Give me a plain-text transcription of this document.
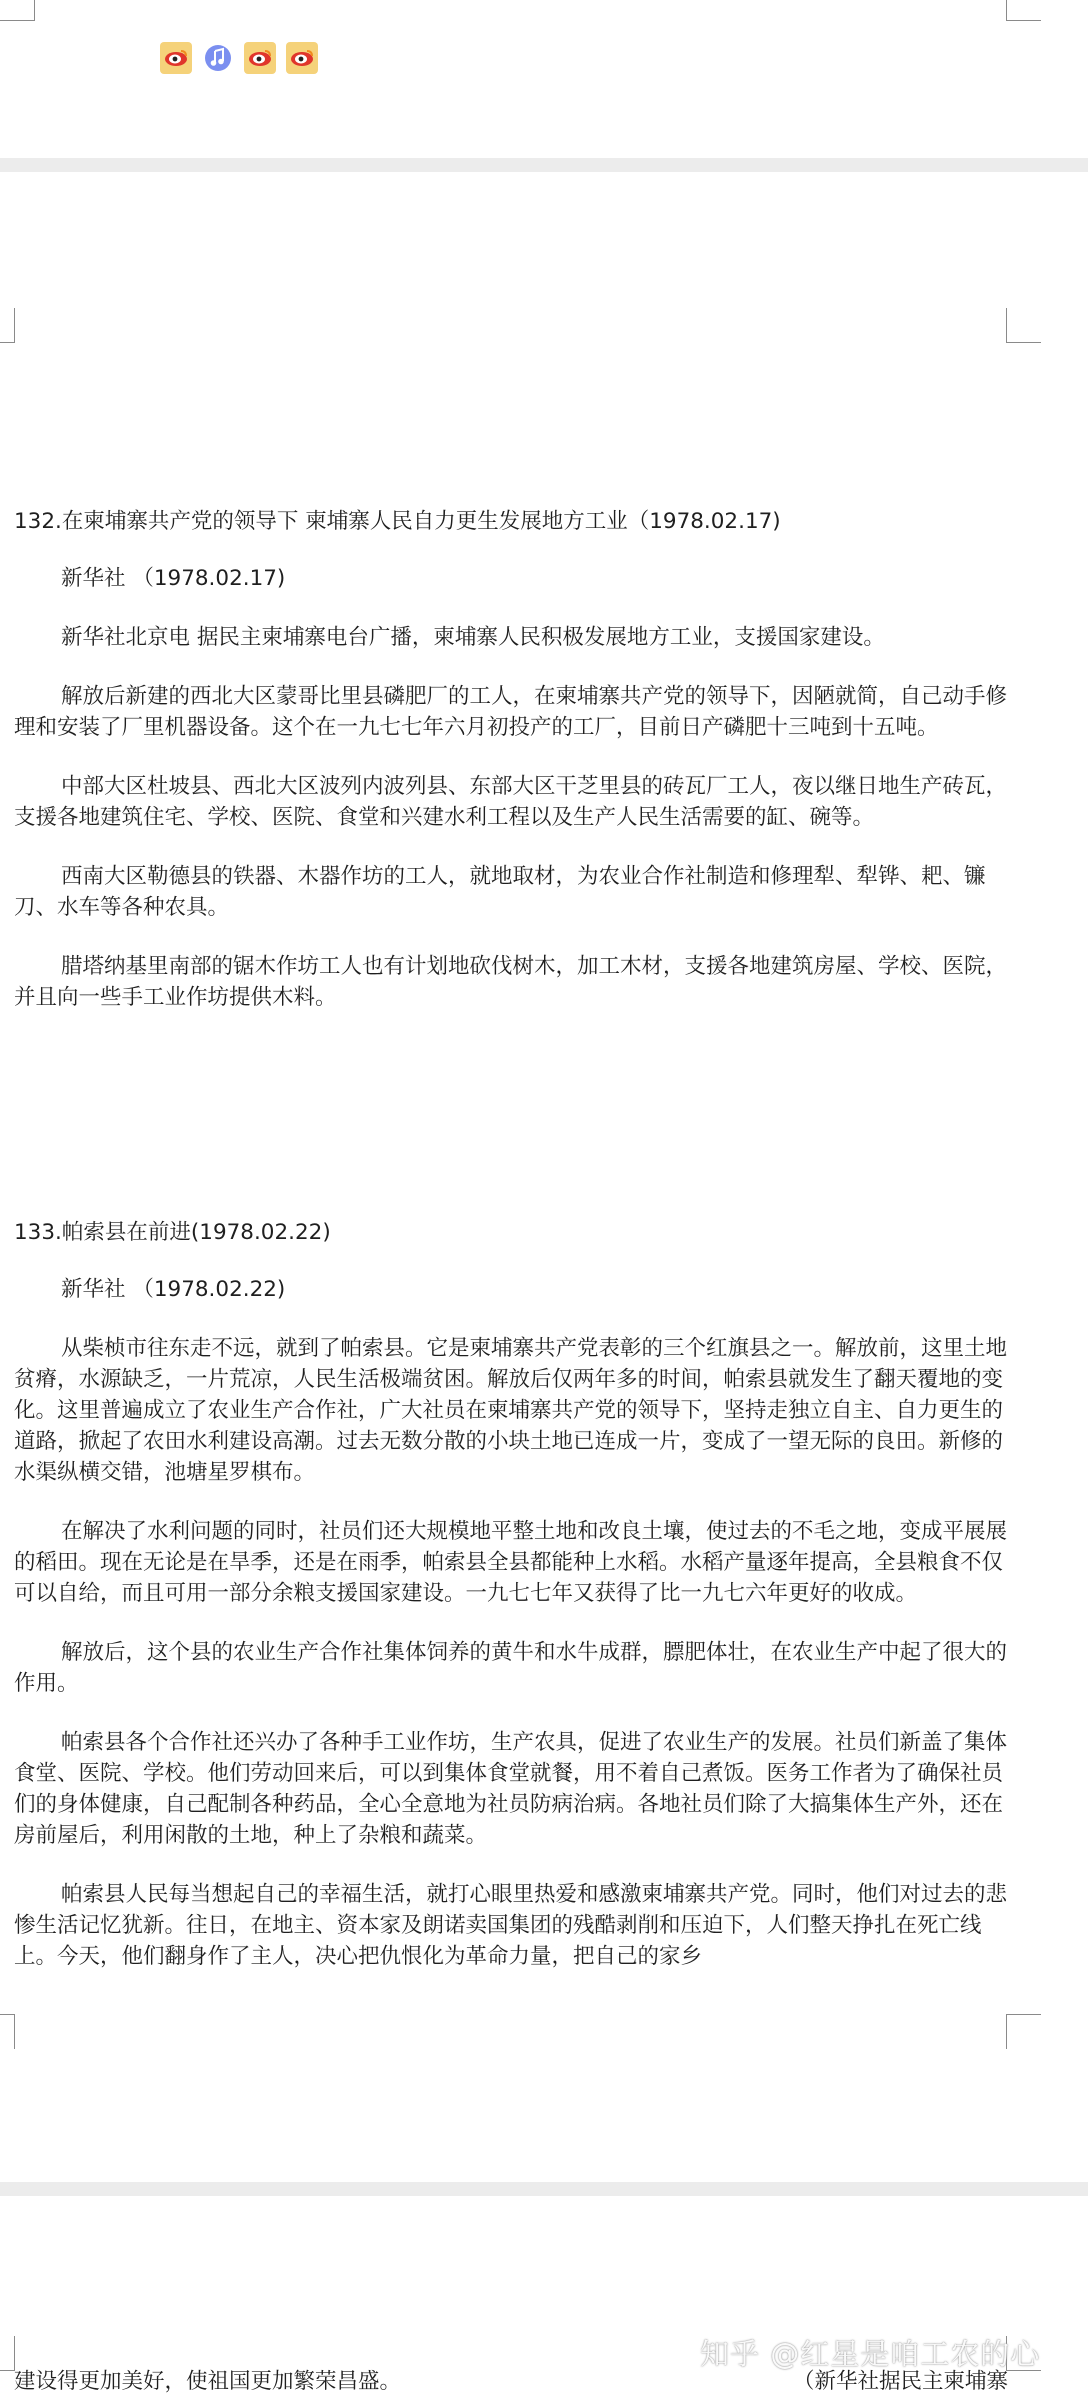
132.在柬埔寨共产党的领导下 柬埔寨人民自力更生发展地方工业（1978.02.17)

新华社 （1978.02.17)

新华社北京电 据民主柬埔寨电台广播，柬埔寨人民积极发展地方工业，支援国家建设。

解放后新建的西北大区蒙哥比里县磷肥厂的工人，在柬埔寨共产党的领导下，因陋就简，自己动手修理和安装了厂里机器设备。这个在一九七七年六月初投产的工厂，目前日产磷肥十三吨到十五吨。

中部大区杜坡县、西北大区波列内波列县、东部大区干芝里县的砖瓦厂工人，夜以继日地生产砖瓦，支援各地建筑住宅、学校、医院、食堂和兴建水利工程以及生产人民生活需要的缸、碗等。

西南大区勒德县的铁器、木器作坊的工人，就地取材，为农业合作社制造和修理犁、犁铧、耙、镰刀、水车等各种农具。

腊塔纳基里南部的锯木作坊工人也有计划地砍伐树木，加工木材，支援各地建筑房屋、学校、医院，并且向一些手工业作坊提供木料。

133.帕索县在前进(1978.02.22)

新华社 （1978.02.22)

从柴桢市往东走不远，就到了帕索县。它是柬埔寨共产党表彰的三个红旗县之一。解放前，这里土地贫瘠，水源缺乏，一片荒凉，人民生活极端贫困。解放后仅两年多的时间，帕索县就发生了翻天覆地的变化。这里普遍成立了农业生产合作社，广大社员在柬埔寨共产党的领导下，坚持走独立自主、自力更生的道路，掀起了农田水利建设高潮。过去无数分散的小块土地已连成一片，变成了一望无际的良田。新修的水渠纵横交错，池塘星罗棋布。

在解决了水利问题的同时，社员们还大规模地平整土地和改良土壤，使过去的不毛之地，变成平展展的稻田。现在无论是在旱季，还是在雨季，帕索县全县都能种上水稻。水稻产量逐年提高，全县粮食不仅可以自给，而且可用一部分余粮支援国家建设。一九七七年又获得了比一九七六年更好的收成。

解放后，这个县的农业生产合作社集体饲养的黄牛和水牛成群，膘肥体壮，在农业生产中起了很大的作用。

帕索县各个合作社还兴办了各种手工业作坊，生产农具，促进了农业生产的发展。社员们新盖了集体食堂、医院、学校。他们劳动回来后，可以到集体食堂就餐，用不着自己煮饭。医务工作者为了确保社员们的身体健康，自己配制各种药品，全心全意地为社员防病治病。各地社员们除了大搞集体生产外，还在房前屋后，利用闲散的土地，种上了杂粮和蔬菜。

帕索县人民每当想起自己的幸福生活，就打心眼里热爱和感激柬埔寨共产党。同时，他们对过去的悲惨生活记忆犹新。往日，在地主、资本家及朗诺卖国集团的残酷剥削和压迫下，人们整天挣扎在死亡线上。今天，他们翻身作了主人，决心把仇恨化为革命力量，把自己的家乡

建设得更加美好，使祖国更加繁荣昌盛。	（新华社据民主柬埔寨
知乎 @红星是咱工农的心
